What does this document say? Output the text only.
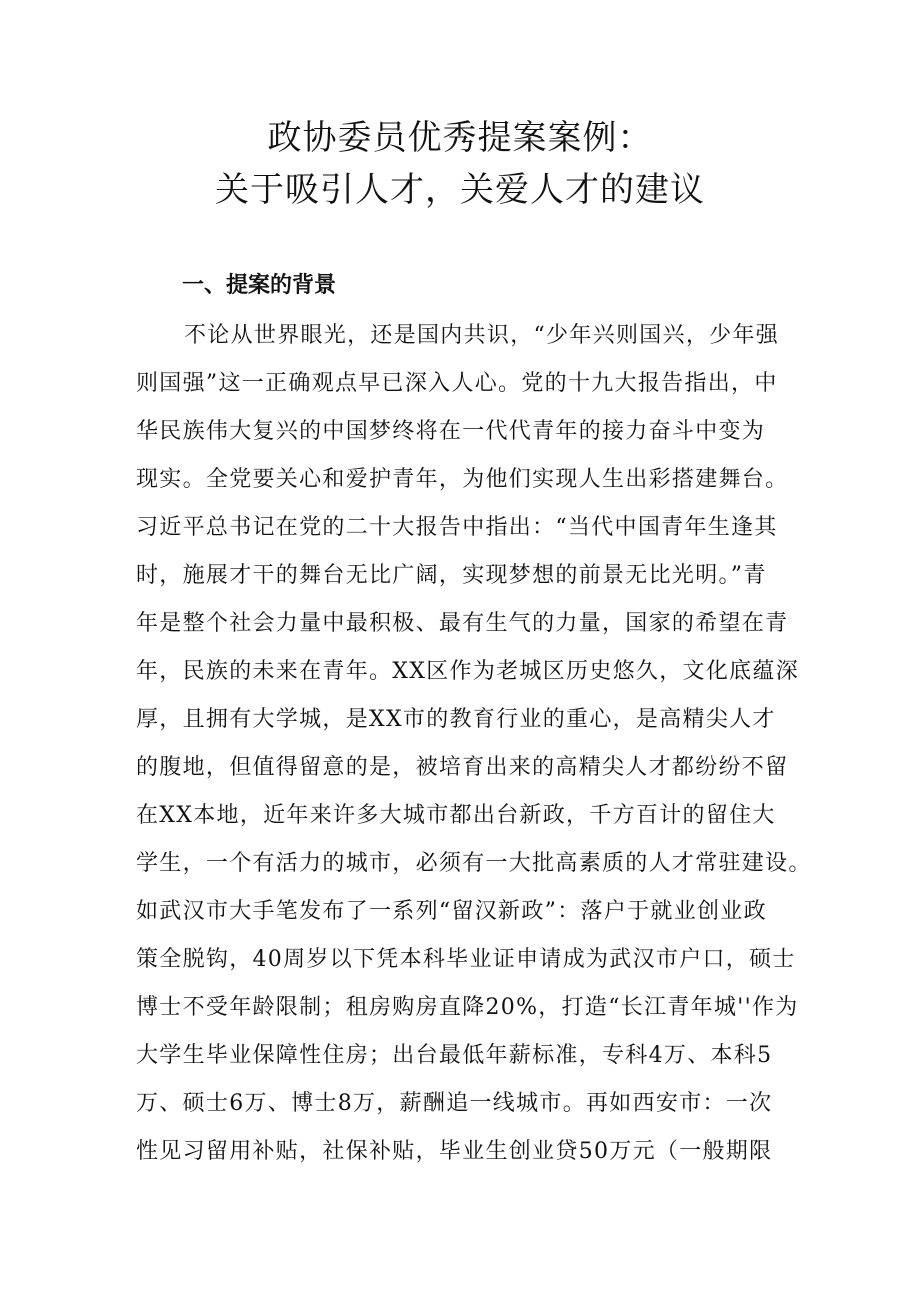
政协委员优秀提案案例：
关于吸引人才，关爱人才的建议
一、提案的背景
不论从世界眼光，还是国内共识，“少年兴则国兴，少年强
则国强”这一正确观点早已深入人心。党的十九大报告指出，中
华民族伟大复兴的中国梦终将在一代代青年的接力奋斗中变为
现实。全党要关心和爱护青年，为他们实现人生出彩搭建舞台。
习近平总书记在党的二十大报告中指出：“当代中国青年生逢其
时，施展才干的舞台无比广阔，实现梦想的前景无比光明。”青
年是整个社会力量中最积极、最有生气的力量，国家的希望在青
年，民族的未来在青年。XX区作为老城区历史悠久，文化底蕴深
厚，且拥有大学城，是XX市的教育行业的重心，是高精尖人才
的腹地，但值得留意的是，被培育出来的高精尖人才都纷纷不留
在XX本地，近年来许多大城市都出台新政，千方百计的留住大
学生，一个有活力的城市，必须有一大批高素质的人才常驻建设。
如武汉市大手笔发布了一系列“留汉新政”：落户于就业创业政
策全脱钩，40周岁以下凭本科毕业证申请成为武汉市户口，硕士
博士不受年龄限制；租房购房直降20%，打造“长江青年城''作为
大学生毕业保障性住房；出台最低年薪标准，专科4万、本科5
万、硕士6万、博士8万，薪酬追一线城市。再如西安市：一次
性见习留用补贴，社保补贴，毕业生创业贷50万元（一般期限
